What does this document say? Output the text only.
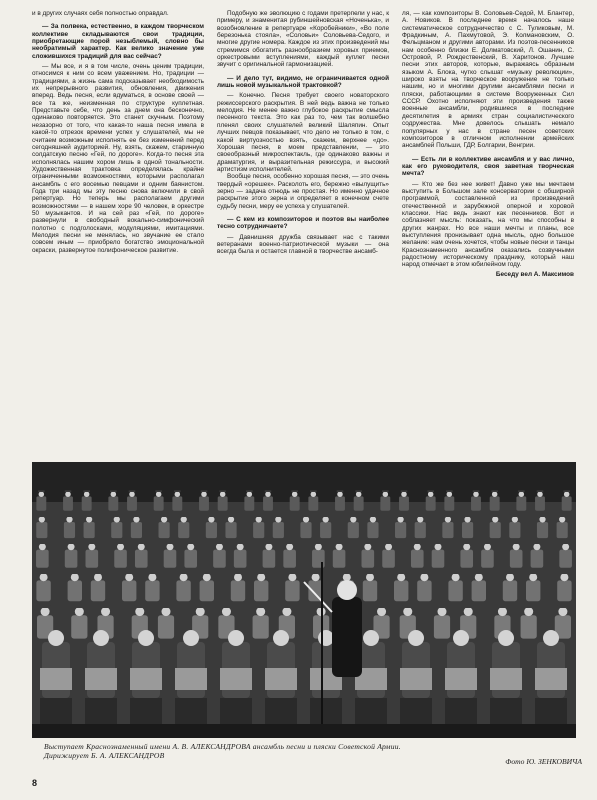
и в других случаях себя полностью оправдал.

— За полвека, естественно, в каждом творческом коллективе складываются свои традиции, приобретающие порой незыблемый, словно бы необратимый характер. Как велико значение уже сложившихся традиций для вас сейчас?

— Мы все, и я в том числе, очень ценим традиции, относимся к ним со всем уважением. Но, традиции — традициями, а жизнь сама подсказывает необходимость их непрерывного развития, обновления, движения вперед. Ведь песня, если вдуматься, в основе своей — все та же, неизменная по структуре куплетная. Представьте себе, что день за днем она бесконечно, одинаково повторяется. Это станет скучным. Поэтому незазорно от того, что какая-то наша песня имела в какой-то отрезок времени успех у слушателей, мы не считаем возможным исполнять ее без изменений перед сегодняшней аудиторией. Ну, взять, скажем, старинную солдатскую песню «Гей, по дороге». Когда-то песня эта исполнялась нашим хором лишь в одной тональности. Художественная трактовка определялась крайне ограниченными возможностями, которыми располагал ансамбль с его восемью певцами и одним баянистом. Года три назад мы эту песню снова включили в свой репертуар. Но теперь мы располагаем другими возможностями — в нашем хоре 90 человек, в оркестре 50 музыкантов. И на сей раз «Гей, по дороге» развернули в свободный вокально-симфонический полотно с подголосками, модуляциями, имитациями. Мелодия песни не менялась, но звучание ее стало совсем иным — приобрело богатство эмоциональной окраски, развернутое полифоническое развитие.

Подобную же эволюцию с годами претерпели у нас, к примеру, и знаменитая рубиншейновская «Ноченька», и возобновление в репертуаре «Коробейники», «Во поле березонька стояла», «Соловьи» Соловьева-Седого, и многие другие номера. Каждое из этих произведений мы стремимся обогатить разнообразием хоровых приемов, оркестровыми вступлениями, каждый куплет песни звучит с оригинальной гармонизацией.

— И дело тут, видимо, не ограничивается одной лишь новой музыкальной трактовкой?

— Конечно. Песня требует своего новаторского режиссерского раскрытия. В ней ведь важна не только мелодия. Не менее важно глубокое раскрытие смысла песенного текста. Это как раз то, чем так волшебно пленял своих слушателей великий Шаляпин. Опыт лучших певцов показывает, что дело не только в том, с какой виртуозностью взять, скажем, верхнее «до». Хорошая песня, в моем представлении, — это своеобразный микроспектакль, где одинаково важны и драматургия, и выразительная режиссура, и высокий артистизм исполнителей.

Вообще песня, особенно хорошая песня, — это очень твердый «орешек». Расколоть его, бережно «вылущить» зерно — задача отнюдь не простая. Но именно удачное раскрытие этого зерна и определяет в конечном счете судьбу песни, меру ее успеха у слушателей.

— С кем из композиторов и поэтов вы наиболее тесно сотрудничаете?

— Давнишняя дружба связывает нас с такими ветеранами военно-патриотической музыки — она всегда была и остается главной в творчестве ансамб-

ля, — как композиторы В. Соловьев-Седой, М. Блантер, А. Новиков. В последнее время началось наше систематическое сотрудничество с С. Туликовым, М. Фрадкиным, А. Пахмутовой, Э. Колмановским, О. Фельцманом и другими авторами. Из поэтов-песенников нам особенно близки Е. Долматовский, Л. Ошанин, С. Островой, Р. Рождественский, В. Харитонов. Лучшие песни этих авторов, которые, выражаясь образным языком А. Блока, чутко слышат «музыку революции», широко взяты на творческое вооружение не только нашим, но и многими другими ансамблями песни и пляски, работающими в системе Вооруженных Сил СССР. Охотно исполняют эти произведения также военные ансамбли, родившиеся в последние десятилетия в армиях стран социалистического содружества. Мне довелось слышать немало популярных у нас в стране песен советских композиторов в отличном исполнении армейских ансамблей Польши, ГДР, Болгарии, Венгрии.

— Есть ли в коллективе ансамбля и у вас лично, как его руководителя, своя заветная творческая мечта?

— Кто же без нее живет! Давно уже мы мечтаем выступить в Большом зале консерватории с обширной программой, составленной из произведений отечественной и зарубежной оперной и хоровой классики. Нас ведь знают как песенников. Вот и соблазняет мысль: показать, на что мы способны в других жанрах. Но все наши мечты и планы, все выступления пронизывает одна мысль, одно большое желание: нам очень хочется, чтобы новые песни и танцы Краснознаменного ансамбля оказались созвучными радостному историческому празднику, который наш народ отмечает в этом юбилейном году.

Беседу вел А. Максимов

Выступает Краснознаменный имени А. В. АЛЕКСАНДРОВА ансамбль песни и пляски Советской Армии. Дирижирует Б. А. АЛЕКСАНДРОВ
Фото Ю. ЗЕНКОВИЧА
8
